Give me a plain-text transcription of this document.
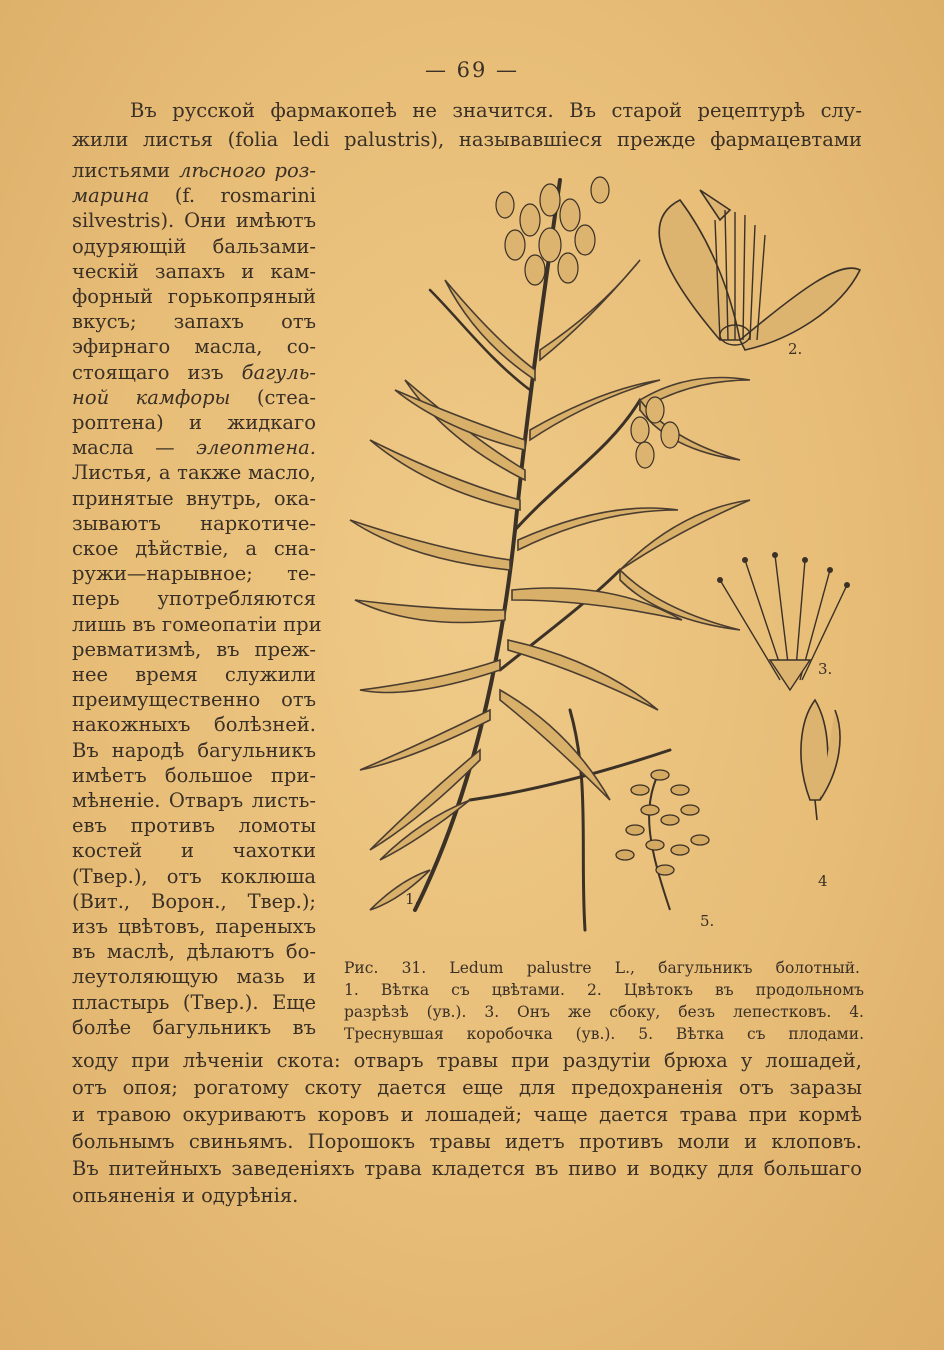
— 69 —
Въ русской фармакопеѣ не значится. Въ старой рецептурѣ слу-
жили листья (folia ledi palustris), называвшіеся прежде фармацевтами
листьями лѣсного роз-
марина (f. rosmarini
silvestris). Они имѣютъ
одуряющій бальзами-
ческій запахъ и кам-
форный горькопряный
вкусъ; запахъ отъ
эфирнаго масла, со-
стоящаго изъ багуль-
ной камфоры (стеа-
роптена) и жидкаго
масла — элеоптена.
Листья, а также масло,
принятые внутрь, ока-
зываютъ наркотиче-
ское дѣйствіе, а сна-
ружи—нарывное; те-
перь употребляются
лишь въ гомеопатіи при
ревматизмѣ, въ преж-
нее время служили
преимущественно отъ
накожныхъ болѣзней.
Въ народѣ багульникъ
имѣетъ большое при-
мѣненіе. Отваръ листь-
евъ противъ ломоты
костей и чахотки
(Твер.), отъ коклюша
(Вит., Ворон., Твер.);
изъ цвѣтовъ, пареныхъ
въ маслѣ, дѣлаютъ бо-
леутоляющую мазь и
пластырь (Твер.). Еще
болѣе багульникъ въ
1.
2.
3.
4
5.
Рис. 31. Ledum palustre L., багульникъ болотный.
1. Вѣтка съ цвѣтами. 2. Цвѣтокъ въ продольномъ
разрѣзѣ (ув.). 3. Онъ же сбоку, безъ лепестковъ. 4.
Треснувшая коробочка (ув.). 5. Вѣтка съ плодами.
ходу при лѣченіи скота: отваръ травы при раздутіи брюха у лошадей,
отъ опоя; рогатому скоту дается еще для предохраненія отъ заразы
и травою окуриваютъ коровъ и лошадей; чаще дается трава при кормѣ
больнымъ свиньямъ. Порошокъ травы идетъ противъ моли и клоповъ.
Въ питейныхъ заведеніяхъ трава кладется въ пиво и водку для большаго
опьяненія и одурѣнія.
